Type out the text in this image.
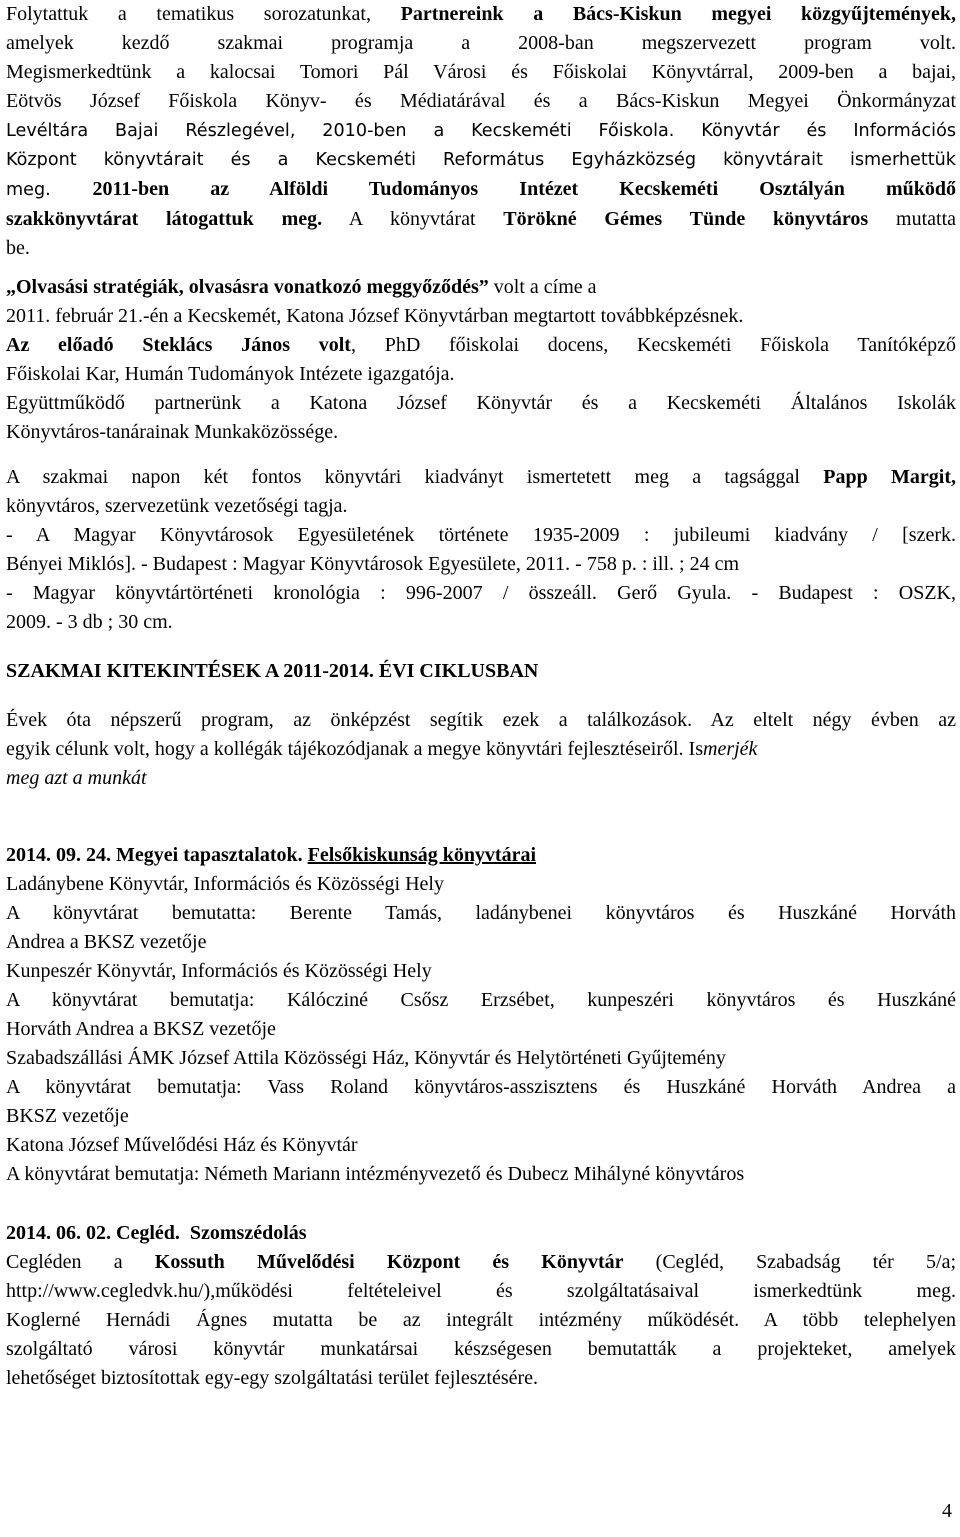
Folytattuk a tematikus sorozatunkat, Partnereink a Bács-Kiskun megyei közgyűjtemények,
amelyek kezdő szakmai programja a 2008-ban megszervezett program volt.
Megismerkedtünk a kalocsai Tomori Pál Városi és Főiskolai Könyvtárral, 2009-ben a bajai,
Eötvös József Főiskola Könyv- és Médiatárával és a Bács-Kiskun Megyei Önkormányzat
Levéltára Bajai Részlegével, 2010-ben a Kecskeméti Főiskola. Könyvtár és Információs
Központ könyvtárait és a Kecskeméti Református Egyházközség könyvtárait ismerhettük
meg. 2011-ben az Alföldi Tudományos Intézet Kecskeméti Osztályán működő
szakkönyvtárat látogattuk meg. A könyvtárat Törökné Gémes Tünde könyvtáros mutatta
be.
„Olvasási stratégiák, olvasásra vonatkozó meggyőződés” volt a címe a
2011. február 21.-én a Kecskemét, Katona József Könyvtárban megtartott továbbképzésnek.
Az előadó Steklács János volt, PhD főiskolai docens, Kecskeméti Főiskola Tanítóképző
Főiskolai Kar, Humán Tudományok Intézete igazgatója.
Együttműködő partnerünk a Katona József Könyvtár és a Kecskeméti Általános Iskolák
Könyvtáros-tanárainak Munkaközössége.
A szakmai napon két fontos könyvtári kiadványt ismertetett meg a tagsággal Papp Margit,
könyvtáros, szervezetünk vezetőségi tagja.
- A Magyar Könyvtárosok Egyesületének története 1935-2009 : jubileumi kiadvány / [szerk.
Bényei Miklós]. - Budapest : Magyar Könyvtárosok Egyesülete, 2011. - 758 p. : ill. ; 24 cm
- Magyar könyvtártörténeti kronológia : 996-2007 / összeáll. Gerő Gyula. - Budapest : OSZK,
2009. - 3 db ; 30 cm.
SZAKMAI KITEKINTÉSEK A 2011-2014. ÉVI CIKLUSBAN
Évek óta népszerű program, az önképzést segítik ezek a találkozások. Az eltelt négy évben az
egyik célunk volt, hogy a kollégák tájékozódjanak a megye könyvtári fejlesztéseiről. Ismerjék
meg azt a munkát
2014. 09. 24. Megyei tapasztalatok. Felsőkiskunság könyvtárai
Ladánybene Könyvtár, Információs és Közösségi Hely
A könyvtárat bemutatta: Berente Tamás, ladánybenei könyvtáros és Huszkáné Horváth
Andrea a BKSZ vezetője
Kunpeszér Könyvtár, Információs és Közösségi Hely
A könyvtárat bemutatja: Kálócziné Csősz Erzsébet, kunpeszéri könyvtáros és Huszkáné
Horváth Andrea a BKSZ vezetője
Szabadszállási ÁMK József Attila Közösségi Ház, Könyvtár és Helytörténeti Gyűjtemény
A könyvtárat bemutatja: Vass Roland könyvtáros-asszisztens és Huszkáné Horváth Andrea a
BKSZ vezetője
Katona József Művelődési Ház és Könyvtár
A könyvtárat bemutatja: Németh Mariann intézményvezető és Dubecz Mihályné könyvtáros
2014. 06. 02. Cegléd. Szomszédolás
Cegléden a Kossuth Művelődési Központ és Könyvtár (Cegléd, Szabadság tér 5/a;
http://www.cegledvk.hu/),működési feltételeivel és szolgáltatásaival ismerkedtünk meg.
Koglerné Hernádi Ágnes mutatta be az integrált intézmény működését. A több telephelyen
szolgáltató városi könyvtár munkatársai készségesen bemutatták a projekteket, amelyek
lehetőséget biztosítottak egy-egy szolgáltatási terület fejlesztésére.
4
